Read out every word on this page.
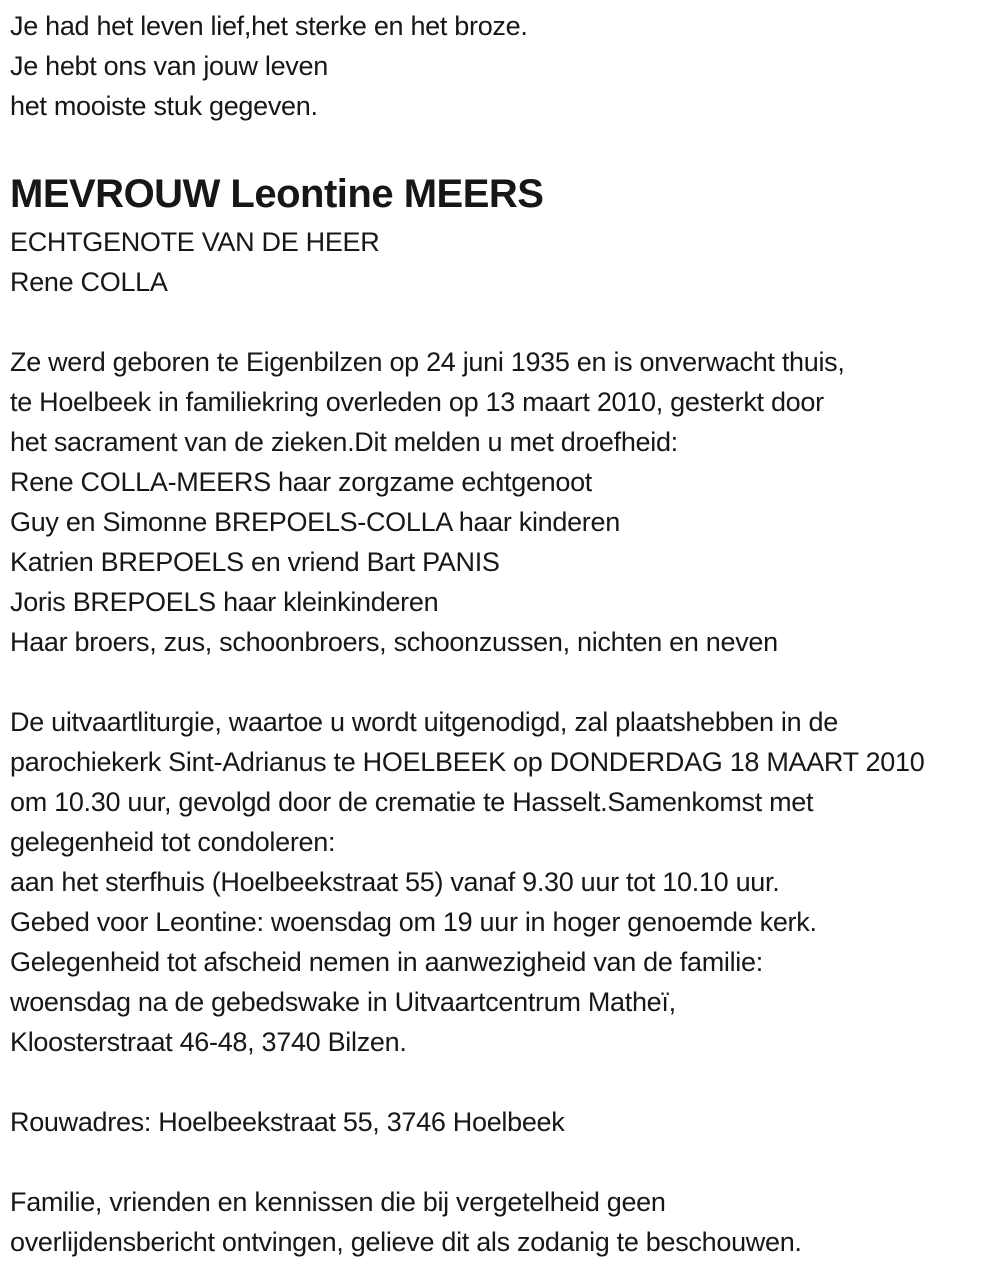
Je had het leven lief,het sterke en het broze.
Je hebt ons van jouw leven
het mooiste stuk gegeven.
MEVROUW Leontine MEERS
ECHTGENOTE VAN DE HEER
Rene COLLA
Ze werd geboren te Eigenbilzen op 24 juni 1935 en is onverwacht thuis,
te Hoelbeek in familiekring overleden op 13 maart 2010, gesterkt door
het sacrament van de zieken.Dit melden u met droefheid:
Rene COLLA-MEERS haar zorgzame echtgenoot
Guy en Simonne BREPOELS-COLLA haar kinderen
Katrien BREPOELS en vriend Bart PANIS
Joris BREPOELS haar kleinkinderen
Haar broers, zus, schoonbroers, schoonzussen, nichten en neven
De uitvaartliturgie, waartoe u wordt uitgenodigd, zal plaatshebben in de
parochiekerk Sint-Adrianus te HOELBEEK op DONDERDAG 18 MAART 2010
om 10.30 uur, gevolgd door de crematie te Hasselt.Samenkomst met
gelegenheid tot condoleren:
aan het sterfhuis (Hoelbeekstraat 55) vanaf 9.30 uur tot 10.10 uur.
Gebed voor Leontine: woensdag om 19 uur in hoger genoemde kerk.
Gelegenheid tot afscheid nemen in aanwezigheid van de familie:
woensdag na de gebedswake in Uitvaartcentrum Matheï,
Kloosterstraat 46-48, 3740 Bilzen.
Rouwadres: Hoelbeekstraat 55, 3746 Hoelbeek
Familie, vrienden en kennissen die bij vergetelheid geen
overlijdensbericht ontvingen, gelieve dit als zodanig te beschouwen.
